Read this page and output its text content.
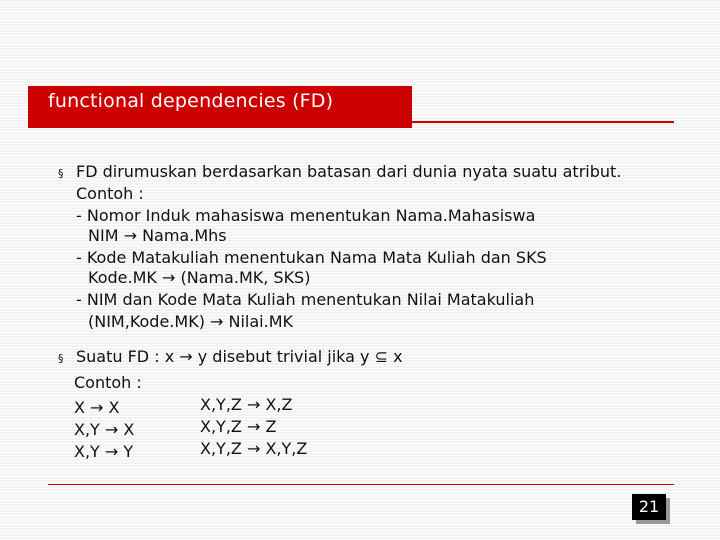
functional dependencies (FD)
§ FD dirumuskan berdasarkan batasan dari dunia nyata suatu atribut.
Contoh :
- Nomor Induk mahasiswa menentukan Nama.Mahasiswa
NIM → Nama.Mhs
- Kode Matakuliah menentukan Nama Mata Kuliah dan SKS
Kode.MK → (Nama.MK, SKS)
- NIM dan Kode Mata Kuliah menentukan Nilai Matakuliah
(NIM,Kode.MK) → Nilai.MK
§ Suatu FD : x → y disebut trivial jika y ⊆ x
Contoh :
X → X
X,Y → X
X,Y → Y
X,Y,Z → X,Z
X,Y,Z → Z
X,Y,Z → X,Y,Z
21
